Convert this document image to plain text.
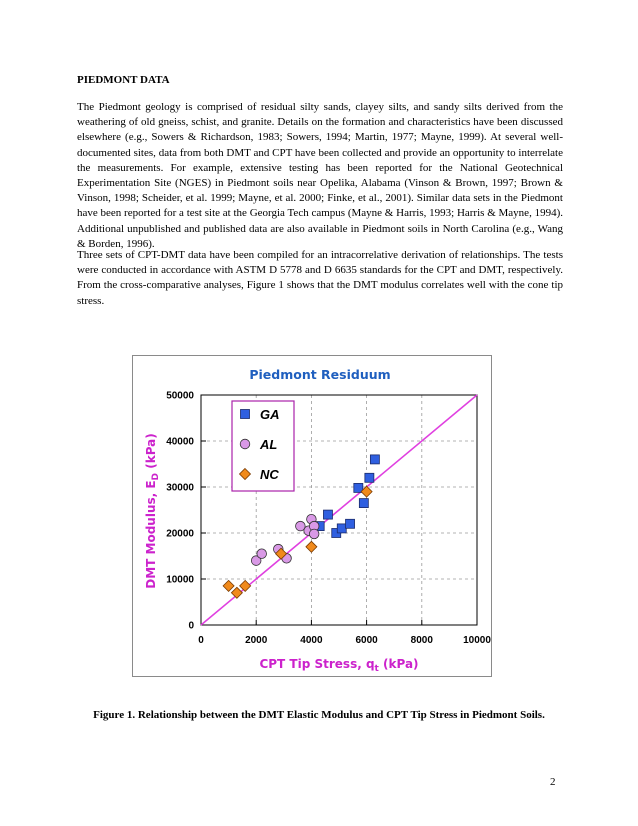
PIEDMONT DATA

The Piedmont geology is comprised of residual silty sands, clayey silts, and sandy silts derived from the weathering of old gneiss, schist, and granite. Details on the formation and characteristics have been discussed elsewhere (e.g., Sowers & Richardson, 1983; Sowers, 1994; Martin, 1977; Mayne, 1999). At several well-documented sites, data from both DMT and CPT have been collected and provide an opportunity to interrelate the measurements. For example, extensive testing has been reported for the National Geotechnical Experimentation Site (NGES) in Piedmont soils near Opelika, Alabama (Vinson & Brown, 1997; Brown & Vinson, 1998; Scheider, et al. 1999; Mayne, et al. 2000; Finke, et al., 2001). Similar data sets in the Piedmont have been reported for a test site at the Georgia Tech campus (Mayne & Harris, 1993; Harris & Mayne, 1994). Additional unpublished and published data are also available in Piedmont soils in North Carolina (e.g., Wang & Borden, 1996).

Three sets of CPT-DMT data have been compiled for an intracorrelative derivation of relationships. The tests were conducted in accordance with ASTM D 5778 and D 6635 standards for the CPT and DMT, respectively. From the cross-comparative analyses, Figure 1 shows that the DMT modulus correlates well with the cone tip stress.

0	2000	4000	6000	8000	10000
0
10000
20000
30000
40000
50000
GA
AL
NC
Piedmont Residuum
CPT Tip Stress, $q_t$ (kPa)
DMT Modulus, $E_D$ (kPa)

Figure 1. Relationship between the DMT Elastic Modulus and CPT Tip Stress in Piedmont Soils.

2
